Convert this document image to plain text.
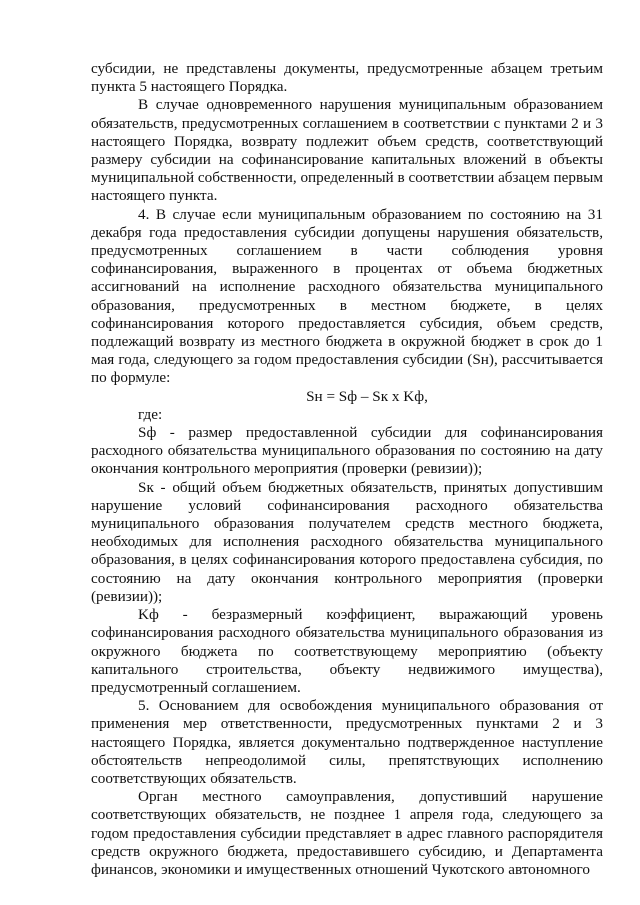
субсидии, не представлены документы, предусмотренные абзацем третьим пункта 5 настоящего Порядка.

В случае одновременного нарушения муниципальным образованием обязательств, предусмотренных соглашением в соответствии с пунктами 2 и 3 настоящего Порядка, возврату подлежит объем средств, соответствующий размеру субсидии на софинансирование капитальных вложений в объекты муниципальной собственности, определенный в соответствии абзацем первым настоящего пункта.

4. В случае если муниципальным образованием по состоянию на 31 декабря года предоставления субсидии допущены нарушения обязательств, предусмотренных соглашением в части соблюдения уровня софинансирования, выраженного в процентах от объема бюджетных ассигнований на исполнение расходного обязательства муниципального образования, предусмотренных в местном бюджете, в целях софинансирования которого предоставляется субсидия, объем средств, подлежащий возврату из местного бюджета в окружной бюджет в срок до 1 мая года, следующего за годом предоставления субсидии (Sн), рассчитывается по формуле:

Sн = Sф – Sк x Kф,

где:

Sф - размер предоставленной субсидии для софинансирования расходного обязательства муниципального образования по состоянию на дату окончания контрольного мероприятия (проверки (ревизии));

Sк - общий объем бюджетных обязательств, принятых допустившим нарушение условий софинансирования расходного обязательства муниципального образования получателем средств местного бюджета, необходимых для исполнения расходного обязательства муниципального образования, в целях софинансирования которого предоставлена субсидия, по состоянию на дату окончания контрольного мероприятия (проверки (ревизии));

Kф - безразмерный коэффициент, выражающий уровень софинансирования расходного обязательства муниципального образования из окружного бюджета по соответствующему мероприятию (объекту капитального строительства, объекту недвижимого имущества), предусмотренный соглашением.

5. Основанием для освобождения муниципального образования от применения мер ответственности, предусмотренных пунктами 2 и 3 настоящего Порядка, является документально подтвержденное наступление обстоятельств непреодолимой силы, препятствующих исполнению соответствующих обязательств.

Орган местного самоуправления, допустивший нарушение соответствующих обязательств, не позднее 1 апреля года, следующего за годом предоставления субсидии представляет в адрес главного распорядителя средств окружного бюджета, предоставившего субсидию, и Департамента финансов, экономики и имущественных отношений Чукотского автономного
